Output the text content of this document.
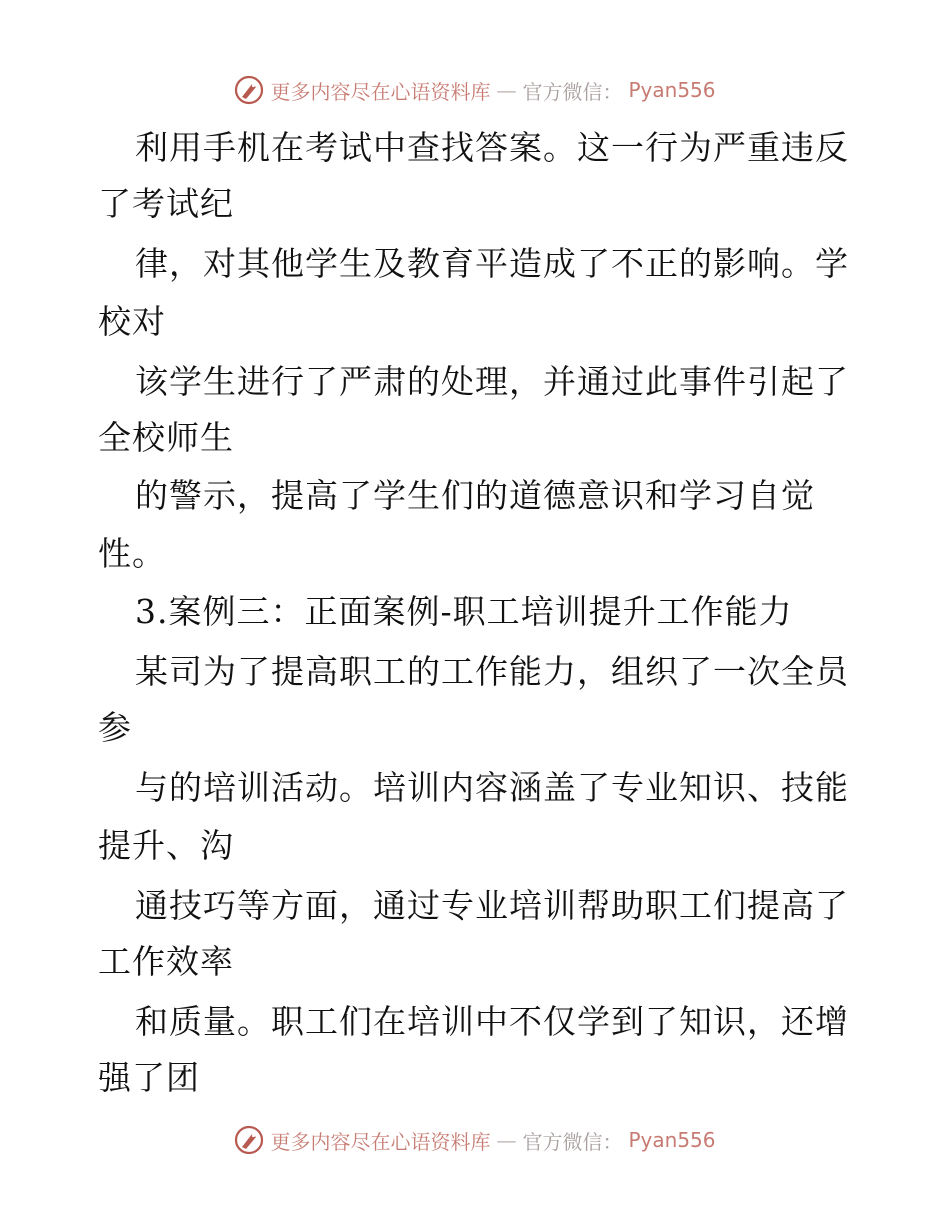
更多内容尽在心语资料库 — 官方微信： Pyan556
利用手机在考试中查找答案。这一行为严重违反
了考试纪
律，对其他学生及教育平造成了不正的影响。学
校对
该学生进行了严肃的处理，并通过此事件引起了
全校师生
的警示，提高了学生们的道德意识和学习自觉
性。
3.案例三：正面案例-职工培训提升工作能力
某司为了提高职工的工作能力，组织了一次全员
参
与的培训活动。培训内容涵盖了专业知识、技能
提升、沟
通技巧等方面，通过专业培训帮助职工们提高了
工作效率
和质量。职工们在培训中不仅学到了知识，还增
强了团
更多内容尽在心语资料库 — 官方微信： Pyan556
